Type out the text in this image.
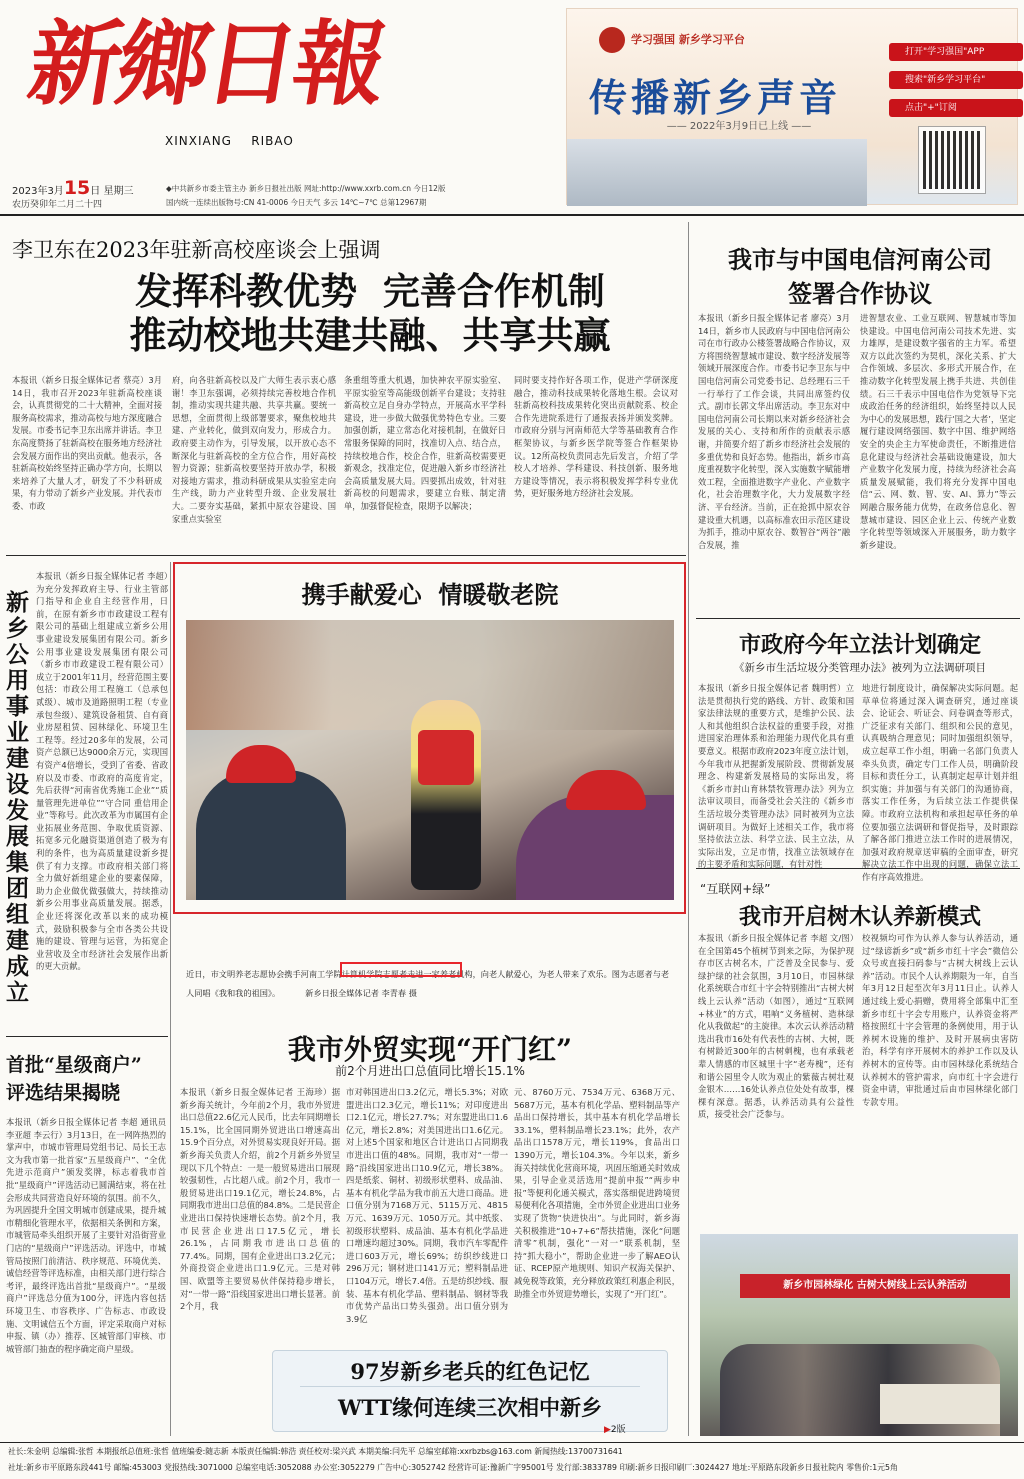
新鄉日報
XINXIANG    RIBAO
2023年3月15日 星期三
农历癸卯年二月二十四
◆中共新乡市委主管主办 新乡日报社出版 网址:http://www.xxrb.com.cn 今日12版
国内统一连续出版物号:CN 41-0006 今日天气 多云 14℃~7℃ 总第12967期
学习强国 新乡学习平台
传播新乡声音
—— 2022年3月9日已上线 ——
打开"学习强国"APP
搜索"新乡学习平台"
点击"+"订阅
李卫东在2023年驻新高校座谈会上强调
发挥科教优势  完善合作机制
推动校地共建共融、共享共赢

本报讯（新乡日报全媒体记者 蔡亮）3月14日，我市召开2023年驻新高校座谈会，认真贯彻党的二十大精神，全面对接服务高校需求，推动高校与地方深度融合发展。市委书记李卫东出席并讲话。李卫东高度赞扬了驻新高校在服务地方经济社会发展方面作出的突出贡献。他表示，各驻新高校始终坚持正确办学方向，长期以来培养了大量人才，研发了不少科研成果，有力带动了新乡产业发展。并代表市委、市政

府，向各驻新高校以及广大师生表示衷心感谢！李卫东强调，必须持续完善校地合作机制，推动实现共建共融、共享共赢。要统一思想，全面贯彻上级部署要求，聚焦校地共建、产业转化，做到双向发力，形成合力。政府要主动作为，引导发展，以开放心态不断深化与驻新高校的全方位合作，用好高校智力资源；驻新高校要坚持开放办学，积极对接地方需求，推动科研成果从实验室走向生产线，助力产业转型升级、企业发展壮大。二要夯实基础，紧抓中原农谷建设、国家重点实验室

条重组等重大机遇，加快神农平原实验室、平原实验室等高能级创新平台建设；支持驻新高校立足自身办学特点，开展高水平学科建设，进一步做大做强优势特色专业。三要加强创新，建立常态化对接机制，在做好日常服务保障的同时，找准切入点、结合点，持续校地合作，校企合作，驻新高校需要更新观念，找准定位，促进融入新乡市经济社会高质量发展大局。四要抓出成效，针对驻新高校的问题需求，要建立台账、制定清单，加强督促检查，限期予以解决；

同时要支持作好各项工作，促进产学研深度融合，推动科技成果转化落地生根。会议对驻新高校科技成果转化突出贡献院系、校企合作先进院系进行了通报表扬并颁发奖牌。市政府分别与河南师范大学等基础教育合作框架协议，与新乡医学院等签合作框架协议。12所高校负责同志先后发言，介绍了学校人才培养、学科建设、科技创新、服务地方建设等情况，表示将积极发挥学科专业优势，更好服务地方经济社会发展。

我市与中国电信河南公司
签署合作协议

本报讯（新乡日报全媒体记者 廖亮）3月14日，新乡市人民政府与中国电信河南公司在市行政办公楼签署战略合作协议，双方将围绕智慧城市建设、数字经济发展等领域开展深度合作。市委书记李卫东与中国电信河南公司党委书记、总经理石三千一行举行了工作会谈，共同出席签约仪式。副市长郭文华出席活动。李卫东对中国电信河南公司长期以来对新乡经济社会发展的关心、支持和所作的贡献表示感谢，并简要介绍了新乡市经济社会发展的多重优势和良好态势。他指出，新乡市高度重视数字化转型，深入实施数字赋能增效工程，全面推进数字产业化、产业数字化，社会治理数字化，大力发展数字经济、平台经济。当前，正在抢抓中原农谷建设重大机遇，以高标准农田示范区建设为抓手，推动中原农谷、数智谷“两谷”融合发展，推

进智慧农业、工业互联网、智慧城市等加快建设。中国电信河南公司技术先进、实力雄厚，是建设数字强省的主力军。希望双方以此次签约为契机，深化关系、扩大合作领域、多层次、多形式开展合作，在推动数字化转型发展上携手共进、共创佳绩。石三千表示中国电信作为党领导下完成政治任务的经济组织，始终坚持以人民为中心的发展思想，践行‘国之大者’，坚定履行建设网络强国、数字中国、维护网络安全的央企主力军使命责任，不断推进信息化建设与经济社会基础设施建设，加大产业数字化发展力度，持续为经济社会高质量发展赋能，我们将充分发挥中国电信“云、网、数、智、安、AI、算力”等云网融合服务能力优势，在政务信息化、智慧城市建设、园区企业上云、传统产业数字化转型等领域深入开展服务，助力数字新乡建设。

新乡公用事业建设发展集团组建成立

本报讯（新乡日报全媒体记者 李超）为充分发挥政府主导、行业主管部门指导和企业自主经营作用，日前，在原有新乡市市政建设工程有限公司的基础上组建成立新乡公用事业建设发展集团有限公司。新乡公用事业建设发展集团有限公司（新乡市市政建设工程有限公司）成立于2001年11月，经营范围主要包括：市政公用工程施工（总承包贰级）、城市及道路照明工程（专业承包叁级）、建筑设备租赁、自有商业房屋租赁、园林绿化、环境卫生工程等。经过20多年的发展，公司资产总额已达9000余万元，实现国有资产4倍增长，受到了省委、省政府以及市委、市政府的高度肯定，先后获得“河南省优秀施工企业”“质量管理先进单位”“守合同 重信用企业”等称号。此次改革为市属国有企业拓展业务范围、争取优质资源、拓宽多元化融资渠道创造了极为有利的条件，也为高质量建设新乡提供了有力支撑。市政府相关部门将全力做好新组建企业的要素保障，助力企业做优做强做大，持续推动新乡公用事业高质量发展。据悉，企业还将深化改革以来的成功模式，鼓励积极参与全市各类公共设施的建设、管理与运营，为拓宽企业营收及全市经济社会发展作出新的更大贡献。

携手献爱心  情暖敬老院
近日，市文明养老志愿协会携手河南工学院计算机学院志愿者走进一家养老机构，向老人献爱心，为老人带来了欢乐。图为志愿者与老人同唱《我和我的祖国》。	新乡日报全媒体记者 李青春 摄
首批“星级商户”
评选结果揭晓

本报讯（新乡日报全媒体记者 李超 通讯员 李亚超 李云行）3月13日，在一网阵热烈的掌声中，市城市管理局党组书记、局长王志文为我市第一批首家“五星级商户”、“全优先进示范商户”颁发奖牌，标志着我市首批“星级商户”评选活动已圆满结束，将在社会形成共同营造良好环境的氛围。前不久，为巩固提升全国文明城市创建成果，提升城市精细化管理水平，依据相关条例和方案，市城管局牵头组织开展了主要针对沿街营业门店的“星级商户”评选活动。评选中，市城管局按照门前清洁、秩序规范、环境优美、诚信经营等评选标准，由相关部门进行综合考评，最终评选出首批“星级商户”。“星级商户”评选总分值为100分，评选内容包括环境卫生、市容秩序、广告标志、市政设施、文明诚信五个方面，评定采取商户对标申报、镇（办）推荐、区城管部门审核、市城管部门抽查的程序确定商户星级。

我市外贸实现“开门红”
前2个月进出口总值同比增长15.1%

本报讯（新乡日报全媒体记者 王海珍）据新乡海关统计，今年前2个月，我市外贸进出口总值22.6亿元人民币，比去年同期增长15.1%，比全国同期外贸进出口增速高出15.9个百分点，对外贸易实现良好开局。据新乡海关负责人介绍，前2个月新乡外贸呈现以下几个特点：一是一般贸易进出口展现较强韧性，占比超八成。前2个月，我市一般贸易进出口19.1亿元，增长24.8%，占同期我市进出口总值的84.8%。二是民营企业进出口保持快速增长态势。前2个月，我市民营企业进出口17.5亿元，增长26.1%，占同期我市进出口总值的77.4%。同期，国有企业进出口3.2亿元；外商投资企业进出口1.9亿元。三是对韩国、欧盟等主要贸易伙伴保持稳步增长，对“一带一路”沿线国家进出口增长显著。前2个月，我

市对韩国进出口3.2亿元，增长5.3%；对欧盟进出口2.3亿元，增长11%；对印度进出口2.1亿元，增长27.7%；对东盟进出口1.6亿元，增长2.8%；对美国进出口1.6亿元。对上述5个国家和地区合计进出口占同期我市进出口值的48%。同期，我市对“一带一路”沿线国家进出口10.9亿元，增长38%。四是纸浆、铜材、初级形状塑料、成品油、基本有机化学品为我市前五大进口商品。进口值分别为7168万元、5115万元、4815万元、1639万元、1050万元。其中纸浆、初级形状塑料、成品油、基本有机化学品进口增速均超过30%。同期，我市汽车零配件进口603万元，增长69%；纺织纱线进口296万元；钢材进口141万元；塑料制品进口104万元，增长7.4倍。五是纺织纱线、服装、基本有机化学品、塑料制品、钢材等我市优势产品出口势头强劲。出口值分别为3.9亿

元、8760万元、7534万元、6368万元、5687万元，基本有机化学品、塑料制品等产品出口保持增长，其中基本有机化学品增长33.1%，塑料制品增长23.1%；此外，农产品出口1578万元，增长119%，食品出口1390万元，增长104.3%。今年以来，新乡海关持续优化营商环境，巩固压缩通关时效成果，引导企业灵活选用“提前申报”“两步申报”等便利化通关模式，落实落细促进跨境贸易便利化各项措施，全市外贸企业进出口业务实现了货物“快进快出”。与此同时，新乡海关积极推进“10+7+6”帮扶措施，深化“问题清零”机制，强化“一对一”联系机制，坚持“抓大稳小”，帮助企业进一步了解AEO认证、RCEP原产地规则、知识产权海关保护、减免税等政策，充分释放政策红利惠企利民，助推全市外贸迎势增长，实现了“开门红”。

97岁新乡老兵的红色记忆
WTT缘何连续三次相中新乡
▶2版
市政府今年立法计划确定
《新乡市生活垃圾分类管理办法》被列为立法调研项目

本报讯（新乡日报全媒体记者 魏明哲）立法是贯彻执行党的路线、方针、政策和国家法律法规的重要方式，是维护公民、法人和其他组织合法权益的重要手段，对推进国家治理体系和治理能力现代化具有重要意义。根据市政府2023年度立法计划，今年我市从把握新发展阶段、贯彻新发展理念、构建新发展格局的实际出发，将《新乡市封山育林禁牧管理办法》列为立法审议项目，而备受社会关注的《新乡市生活垃圾分类管理办法》同时被列为立法调研项目。为做好上述相关工作，我市将坚持依法立法、科学立法、民主立法，从实际出发，立足市情，找准立法领域存在的主要矛盾和实际问题，有针对性

地进行制度设计，确保解决实际问题。起草单位将通过深入调查研究，通过座谈会、论证会、听证会、问卷调查等形式，广泛征求有关部门、组织和公民的意见，认真吸纳合理意见；同时加强组织领导，成立起草工作小组，明确一名部门负责人牵头负责，确定专门工作人员，明确阶段目标和责任分工，认真制定起草计划并组织实施；并加强与有关部门的沟通协商，落实工作任务，为后续立法工作提供保障。市政府立法机构和承担起草任务的单位要加强立法调研和督促指导，及时跟踪了解各部门推进立法工作时的进展情况，加强对政府规章送审稿的全面审查，研究解决立法工作中出现的问题，确保立法工作有序高效推进。

“互联网+绿”
我市开启树木认养新模式

本报讯（新乡日报全媒体记者 李超 文/图）在全国第45个植树节到来之际，为保护现存市区古树名木，广泛普及全民参与、爱绿护绿的社会氛围，3月10日，市园林绿化系统联合市红十字会特别推出“古树大树线上云认养”活动（如图），通过“互联网+林业”的方式，唱响“义务植树、造林绿化从我做起”的主旋律。本次云认养活动精选出我市16处有代表性的古树、大树，既有树龄近300年的古树刺槐，也有承载老辈人情感的市区城里十字“老寿槐”，还有和谐公园里令人吹为观止的紫薇古树壮观金银木……16处认养点位处处有故事，棵棵有深意。据悉，认养活动具有公益性质，接受社会广泛参与。

校视频均可作为认养人参与认养活动，通过“绿谚新乡”或“新乡市红十字会”微信公众号或直接扫码参与“古树大树线上云认养”活动。市民个人认养期限为一年，自当年3月12日起至次年3月11日止。认养人通过线上爱心捐赠，费用将全部集中汇至新乡市红十字会专用账户，认养资金将严格按照红十字会管理的条例使用，用于认养树木设施的维护、及时开展病虫害防治，科学有序开展树木的养护工作以及认养树木的宣传等。由市园林绿化系统结合认养树木的管护需求，向市红十字会进行资金申请，审批通过后由市园林绿化部门专款专用。

新乡市园林绿化 古树大树线上云认养活动
社长:朱金明 总编辑:张哲 本期报纸总值班:张哲 值班编委:随志新 本版责任编辑:韩浩 责任校对:梁兴武 本期美编:闫先平 总编室邮箱:xxrbzbs@163.com 新闻热线:13700731641
社址:新乡市平原路东段441号 邮编:453003 党报热线:3071000 总编室电话:3052088 办公室:3052279 广告中心:3052742 经营许可证:豫新广字95001号 发行部:3833789 印刷:新乡日报印刷厂:3024427 地址:平原路东段新乡日报社院内 零售价:1元5角
